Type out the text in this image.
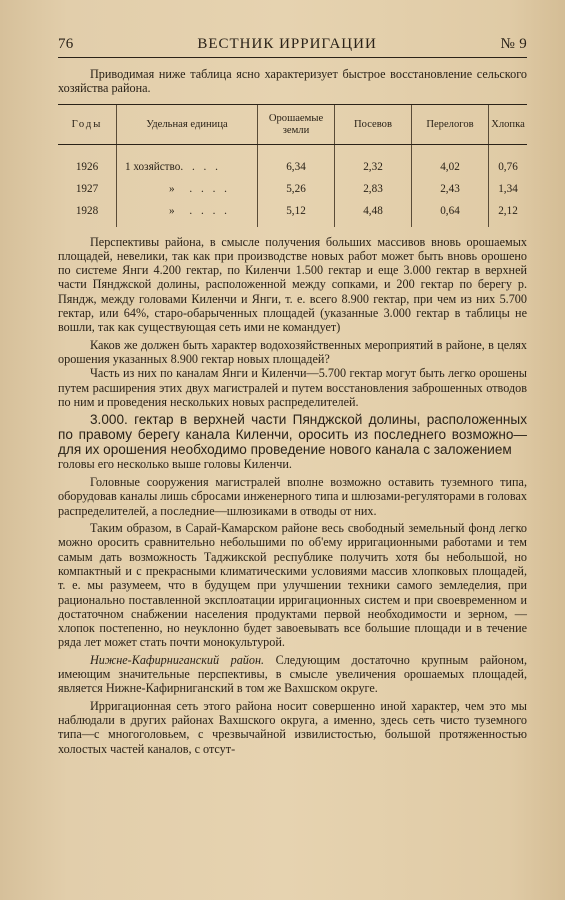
76	ВЕСТНИК ИРРИГАЦИИ	№ 9

Приводимая ниже таблица ясно характеризует быстрое восстановление сельского хозяйства района.

Годы	Удельная единица	Орошаемые земли	Посевов	Перелогов	Хлопка
1926	1 хозяйство. . . .	6,34	2,32	4,02	0,76
1927	» . . . .	5,26	2,83	2,43	1,34
1928	» . . . .	5,12	4,48	0,64	2,12

Перспективы района, в смысле получения больших массивов вновь орошаемых площадей, невелики, так как при производстве новых работ может быть вновь орошено по системе Янги 4.200 гектар, по Киленчи 1.500 гектар и еще 3.000 гектар в верхней части Пянджской долины, расположенной между сопками, и 200 гектар по берегу р. Пяндж, между головами Киленчи и Янги, т. е. всего 8.900 гектар, при чем из них 5.700 гектар, или 64%, старо-обарыченных площадей (указанные 3.000 гектар в таблицы не вошли, так как существующая сеть ими не командует)

Каков же должен быть характер водохозяйственных мероприятий в районе, в целях орошения указанных 8.900 гектар новых площадей?

Часть из них по каналам Янги и Киленчи—5.700 гектар могут быть легко орошены путем расширения этих двух магистралей и путем восстановления заброшенных отводов по ним и проведения нескольких новых распределителей.

3.000. гектар в верхней части Пянджской долины, расположенных по правому берегу канала Киленчи, оросить из последнего возможно— для их орошения необходимо проведение нового канала с заложением

головы его несколько выше головы Киленчи.

Головные сооружения магистралей вполне возможно оставить туземного типа, оборудовав каналы лишь сбросами инженерного типа и шлюзами-регуляторами в головах распределителей, а последние—шлюзиками в отводы от них.

Таким образом, в Сарай-Камарском районе весь свободный земельный фонд легко можно оросить сравнительно небольшими по об'ему ирригационными работами и тем самым дать возможность Таджикской республике получить хотя бы небольшой, но компактный и с прекрасными климатическими условиями массив хлопковых площадей, т. е. мы разумеем, что в будущем при улучшении техники самого земледелия, при рационально поставленной эксплоатации ирригационных систем и при своевременном и достаточном снабжении населения продуктами первой необходимости и зерном, — хлопок постепенно, но неуклонно будет завоевывать все большие площади и в течение ряда лет может стать почти монокультурой.

Нижне-Кафирниганский район. Следующим достаточно крупным районом, имеющим значительные перспективы, в смысле увеличения орошаемых площадей, является Нижне-Кафирниганский в том же Вахшском округе.

Ирригационная сеть этого района носит совершенно иной характер, чем это мы наблюдали в других районах Вахшского округа, а именно, здесь сеть чисто туземного типа—с многоголовьем, с чрезвычайной извилистостью, большой протяженностью холостых частей каналов, с отсут-
